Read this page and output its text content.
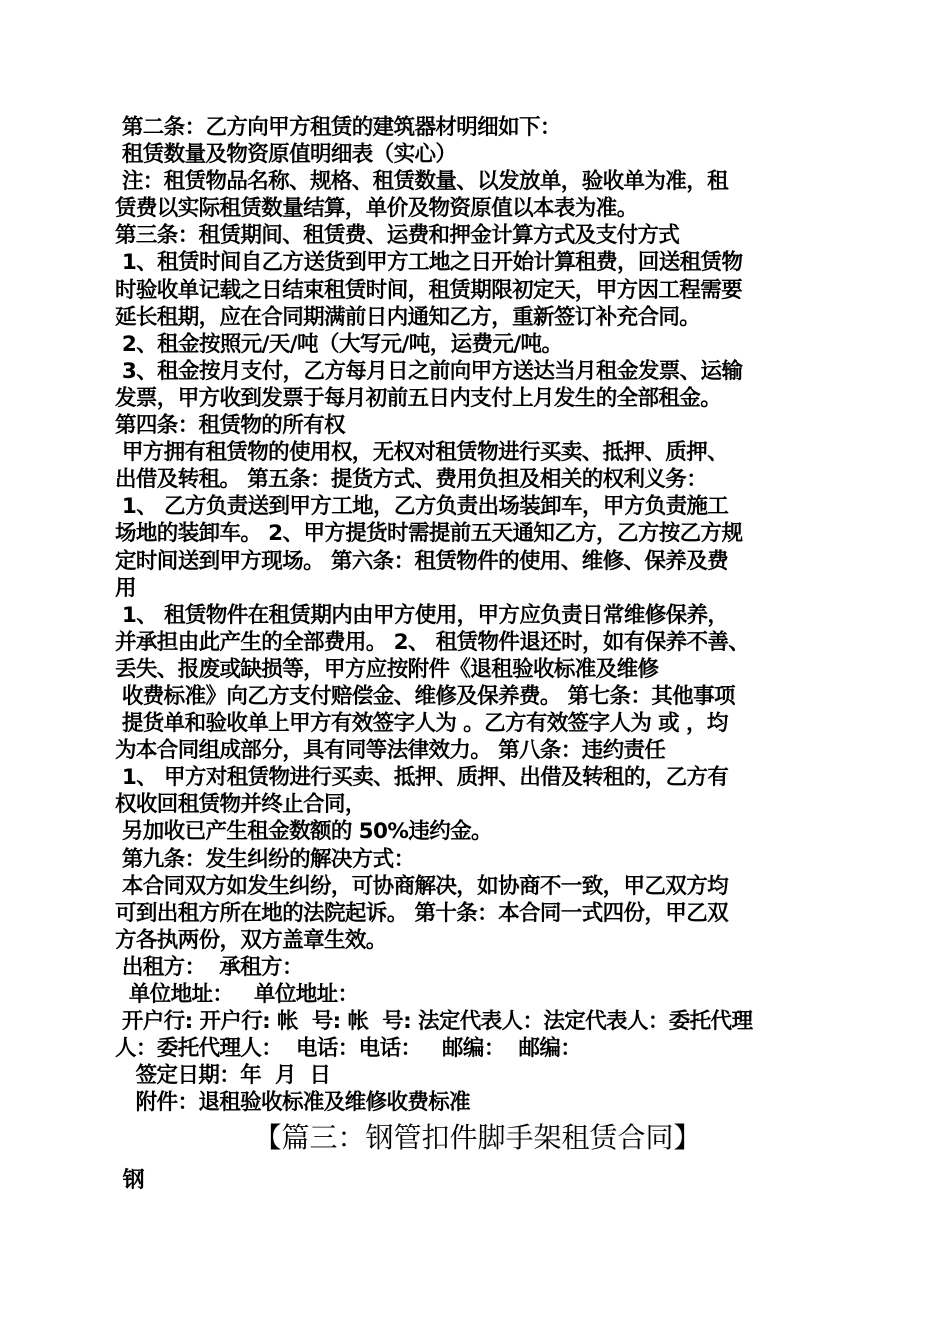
第二条：乙方向甲方租赁的建筑器材明细如下：
租赁数量及物资原值明细表（实心）
注：租赁物品名称、规格、租赁数量、以发放单，验收单为准，租
赁费以实际租赁数量结算，单价及物资原值以本表为准。
第三条：租赁期间、租赁费、运费和押金计算方式及支付方式
1、租赁时间自乙方送货到甲方工地之日开始计算租费，回送租赁物
时验收单记载之日结束租赁时间，租赁期限初定天，甲方因工程需要
延长租期，应在合同期满前日内通知乙方，重新签订补充合同。
2、租金按照元/天/吨（大写元/吨，运费元/吨。
3、租金按月支付，乙方每月日之前向甲方送达当月租金发票、运输
发票，甲方收到发票于每月初前五日内支付上月发生的全部租金。
第四条：租赁物的所有权
甲方拥有租赁物的使用权，无权对租赁物进行买卖、抵押、质押、
出借及转租。 第五条：提货方式、费用负担及相关的权利义务：
1、 乙方负责送到甲方工地，乙方负责出场装卸车，甲方负责施工
场地的装卸车。 2、甲方提货时需提前五天通知乙方，乙方按乙方规
定时间送到甲方现场。 第六条：租赁物件的使用、维修、保养及费
用
1、 租赁物件在租赁期内由甲方使用，甲方应负责日常维修保养，
并承担由此产生的全部费用。 2、 租赁物件退还时，如有保养不善、
丢失、报废或缺损等，甲方应按附件《退租验收标准及维修
收费标准》向乙方支付赔偿金、维修及保养费。 第七条：其他事项
提货单和验收单上甲方有效签字人为 。乙方有效签字人为 或 ，均
为本合同组成部分，具有同等法律效力。 第八条：违约责任
1、 甲方对租赁物进行买卖、抵押、质押、出借及转租的，乙方有
权收回租赁物并终止合同，
另加收已产生租金数额的 50%违约金。
第九条：发生纠纷的解决方式：
本合同双方如发生纠纷，可协商解决，如协商不一致，甲乙双方均
可到出租方所在地的法院起诉。 第十条：本合同一式四份，甲乙双
方各执两份，双方盖章生效。
出租方：  承租方：
单位地址：   单位地址：
开户行: 开户行: 帐  号: 帐  号: 法定代表人：法定代表人：委托代理
人：委托代理人：  电话：电话：   邮编：  邮编：
签定日期：年  月  日
附件：退租验收标准及维修收费标准
【篇三：钢管扣件脚手架租赁合同】
钢
